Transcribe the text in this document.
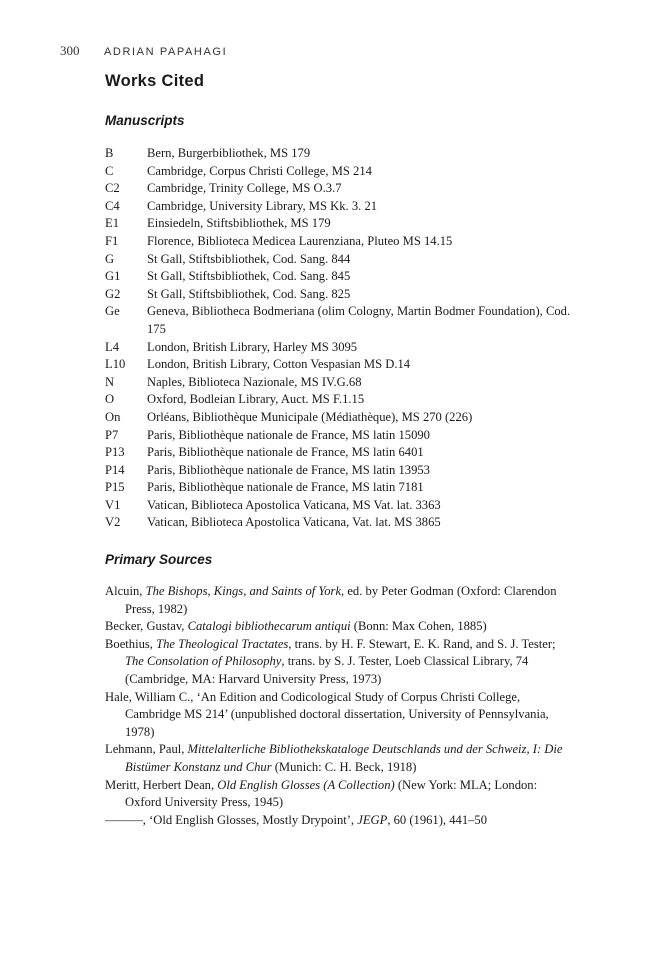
300 ADRIAN PAPAHAGI
Works Cited
Manuscripts
B	Bern, Burgerbibliothek, MS 179
C	Cambridge, Corpus Christi College, MS 214
C2	Cambridge, Trinity College, MS O.3.7
C4	Cambridge, University Library, MS Kk. 3. 21
E1	Einsiedeln, Stiftsbibliothek, MS 179
F1	Florence, Biblioteca Medicea Laurenziana, Pluteo MS 14.15
G	St Gall, Stiftsbibliothek, Cod. Sang. 844
G1	St Gall, Stiftsbibliothek, Cod. Sang. 845
G2	St Gall, Stiftsbibliothek, Cod. Sang. 825
Ge	Geneva, Bibliotheca Bodmeriana (olim Cologny, Martin Bodmer Foundation), Cod. 175
L4	London, British Library, Harley MS 3095
L10	London, British Library, Cotton Vespasian MS D.14
N	Naples, Biblioteca Nazionale, MS IV.G.68
O	Oxford, Bodleian Library, Auct. MS F.1.15
On	Orléans, Bibliothèque Municipale (Médiathèque), MS 270 (226)
P7	Paris, Bibliothèque nationale de France, MS latin 15090
P13	Paris, Bibliothèque nationale de France, MS latin 6401
P14	Paris, Bibliothèque nationale de France, MS latin 13953
P15	Paris, Bibliothèque nationale de France, MS latin 7181
V1	Vatican, Biblioteca Apostolica Vaticana, MS Vat. lat. 3363
V2	Vatican, Biblioteca Apostolica Vaticana, Vat. lat. MS 3865
Primary Sources
Alcuin, The Bishops, Kings, and Saints of York, ed. by Peter Godman (Oxford: Clarendon Press, 1982)
Becker, Gustav, Catalogi bibliothecarum antiqui (Bonn: Max Cohen, 1885)
Boethius, The Theological Tractates, trans. by H. F. Stewart, E. K. Rand, and S. J. Tester; The Consolation of Philosophy, trans. by S. J. Tester, Loeb Classical Library, 74 (Cambridge, MA: Harvard University Press, 1973)
Hale, William C., ‘An Edition and Codicological Study of Corpus Christi College, Cambridge MS 214’ (unpublished doctoral dissertation, University of Pennsylvania, 1978)
Lehmann, Paul, Mittelalterliche Bibliothekskataloge Deutschlands und der Schweiz, I: Die Bistümer Konstanz und Chur (Munich: C. H. Beck, 1918)
Meritt, Herbert Dean, Old English Glosses (A Collection) (New York: MLA; London: Oxford University Press, 1945)
———, ‘Old English Glosses, Mostly Drypoint’, JEGP, 60 (1961), 441–50
